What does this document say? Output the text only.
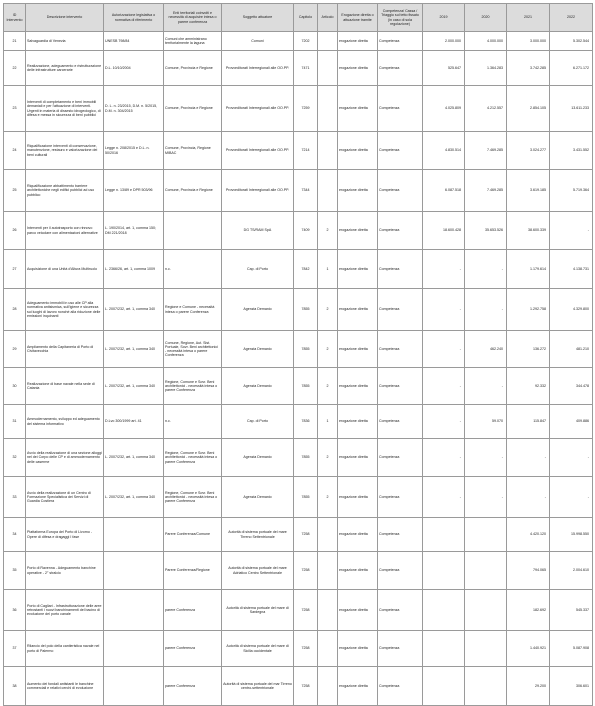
ID Intervento	Descrizione intervento	Autorizzazione legislativa o normativa di riferimento	Enti territoriali coinvolti e necessità di acquisire intesa o parere conferenza	Soggetto attuatore	Capitolo	Articolo	Erogazione diretta o attuazione tramite	Competenza/ Cassa / Triaggio sul tetto fissato (in caso di sola regolazione)	2019	2020	2021	2022
21	Salvaguardia di Venezia	UNESB 798/84	Comuni che amministrano territorialmente la laguna	Comuni	7202		erogazione diretta	Competenza	2.000.000	4.000.000	3.000.000	5.302.544
22	Realizzazione, adeguamento e ristrutturazione delle infrastrutture carcerarie	D.L. 10/10/2004	Comune, Provincia e Regione	Provveditorati Interregionali alle OO.PP.	7471		erogazione diretta	Competenza	525.647	1.364.283	3.742.285	6.271.172
23	Interventi di completamento e beni immobili demaniali e per l'attuazione di interventi. Urgenti in materia di dissesto idrogeologico, di difesa e messa in sicurezza di beni pubblici	D. L. n. 23/2015, D.M. n. 5/2015, D.M. n. 304/2015	Comune, Provincia e Regione	Provveditorati Interregionali alle OO.PP.	7259		erogazione diretta	Competenza	4.025.809	4.212.557	2.854.105	13.611.233
24	Riqualificazione interventi di conservazione, manutenzione, restauro e valorizzazione dei beni culturali	Legge n. 208/2015 e D.L. n. 50/2016	Comune, Provincia, Regione MIBAC	Provveditorati Interregionali alle OO.PP.	7214		erogazione diretta	Competenza	4.830.514	7.469.285	3.024.277	3.431.552
25	Riqualificazione abbattimento barriere architettoniche negli edifici pubblici ad uso pubblico	Legge n. 13/89 e DPR 503/96	Comune, Provincia e Regione	Provveditorati Interregionali alle OO.PP.	7344		erogazione diretta	Competenza	6.087.518	7.469.285	3.619.185	5.719.364
26	Interventi per il autotrasporto con rinnovo parco veicolare con alimentazioni alternative	L. 190/2014, art. 1, comma 150; DM 221/2018		DG TS/RAM SpA	7409	2	erogazione diretta	Competenza	18.600.428	35.653.526	38.600.339	-
27	Acquisizione di una Unità d'Altura Multiruolo	L. 2366/26, art. 1, comma 1009	n.c.	Cap. di Porto	7842	1	erogazione diretta	Competenza	-	-	1.179.614	4.138.731
28	Adeguamento immobili in uso alle CP alla normativa antisismica, sull'igiene e sicurezza sui luoghi di lavoro nonché alla riduzione delle emissioni inquinanti	L. 2007/232, art. 1, comma 340	Regione e Comune - necessità intesa o parere Conferenza	Agenzia Demanio	7855	2	erogazione diretta	Competenza	-	-	1.292.758	4.329.800
29	Ampliamento della Capitaneria di Porto di Civitavecchia	L. 2007/232, art. 1, comma 340	Comune, Regione, Aut. Sist. Portuale, Sovr. Beni architettonici - necessità intesa o parere Conferenza	Agenzia Demanio	7855	2	erogazione diretta	Competenza	-	462.240	136.272	481.210
30	Realizzazione di base navale nella sede di Catania	L. 2007/232, art. 1, comma 340	Regione, Comune e Sovr. Beni architettonici - necessità intesa o parere Conferenza	Agenzia Demanio	7855	2	erogazione diretta	Competenza	-	-	92.332	344.478
31	Ammodernamento, sviluppo ed adeguamento del sistema informativo	D.Lvo 300/1999 art. 41	n.c.	Cap. di Porto	7836	1	erogazione diretta	Competenza	-	59.070	115.847	409.886
32	Avvio della realizzazione di una sezione alloggi nel dei Corpo delle CP e di ammodernamento delle caserme	L. 2007/232, art. 1, comma 340	Regione, Comune e Sovr. Beni architettonici - necessità intesa o parere Conferenza	Agenzia Demanio	7855	2	erogazione diretta	Competenza	-	-	-	-
33	Avvio della realizzazione di un Centro di Formazione Specialistica dei Servizi di Guardia Costiera	L. 2007/232, art. 1, comma 340	Regione, Comune e Sovr. Beni architettonici - necessità intesa o parere Conferenza	Agenzia Demanio	7855	2	erogazione diretta	Competenza	-	-	-	-
34	Piattaforma Europa del Porto di Livorno - Opere di difesa e dragaggi I fase		Parere Conferenza/Comune	Autorità di sistema portuale del mare Tirreno Settentrionale	7258		erogazione diretta	Competenza			4.420.120	15.998.550
35	Porto di Ravenna - Adeguamento banchine operative - 2° stralcio		Parere Conferenza/Regione	Autorità di sistema portuale del mare Adriatico Centro Settentrionale	7258		erogazione diretta	Competenza			794.065	2.004.610
36	Porto di Cagliari - Infrastrutturazione delle aree retrostanti i nuovi banchinamenti del bacino di evoluzione del porto canale		parere Conferenza	Autorità di sistema portuale del mare di Sardegna	7258		erogazione diretta	Competenza			182.692	545.337
37	Rilancio del polo della cantieristica navale nel porto di Palermo		parere Conferenza	Autorità di sistema portuale del mare di Sicilia occidentale	7258		erogazione diretta	Competenza			1.440.921	5.087.908
38	Aumento dei fondali antistanti le banchine commerciali e relativi cerchi di evoluzione		parere Conferenza	Autorità di sistema portuale del mar Tirreno centro-settentrionale	7258		erogazione diretta	Competenza			29.200	306.601
